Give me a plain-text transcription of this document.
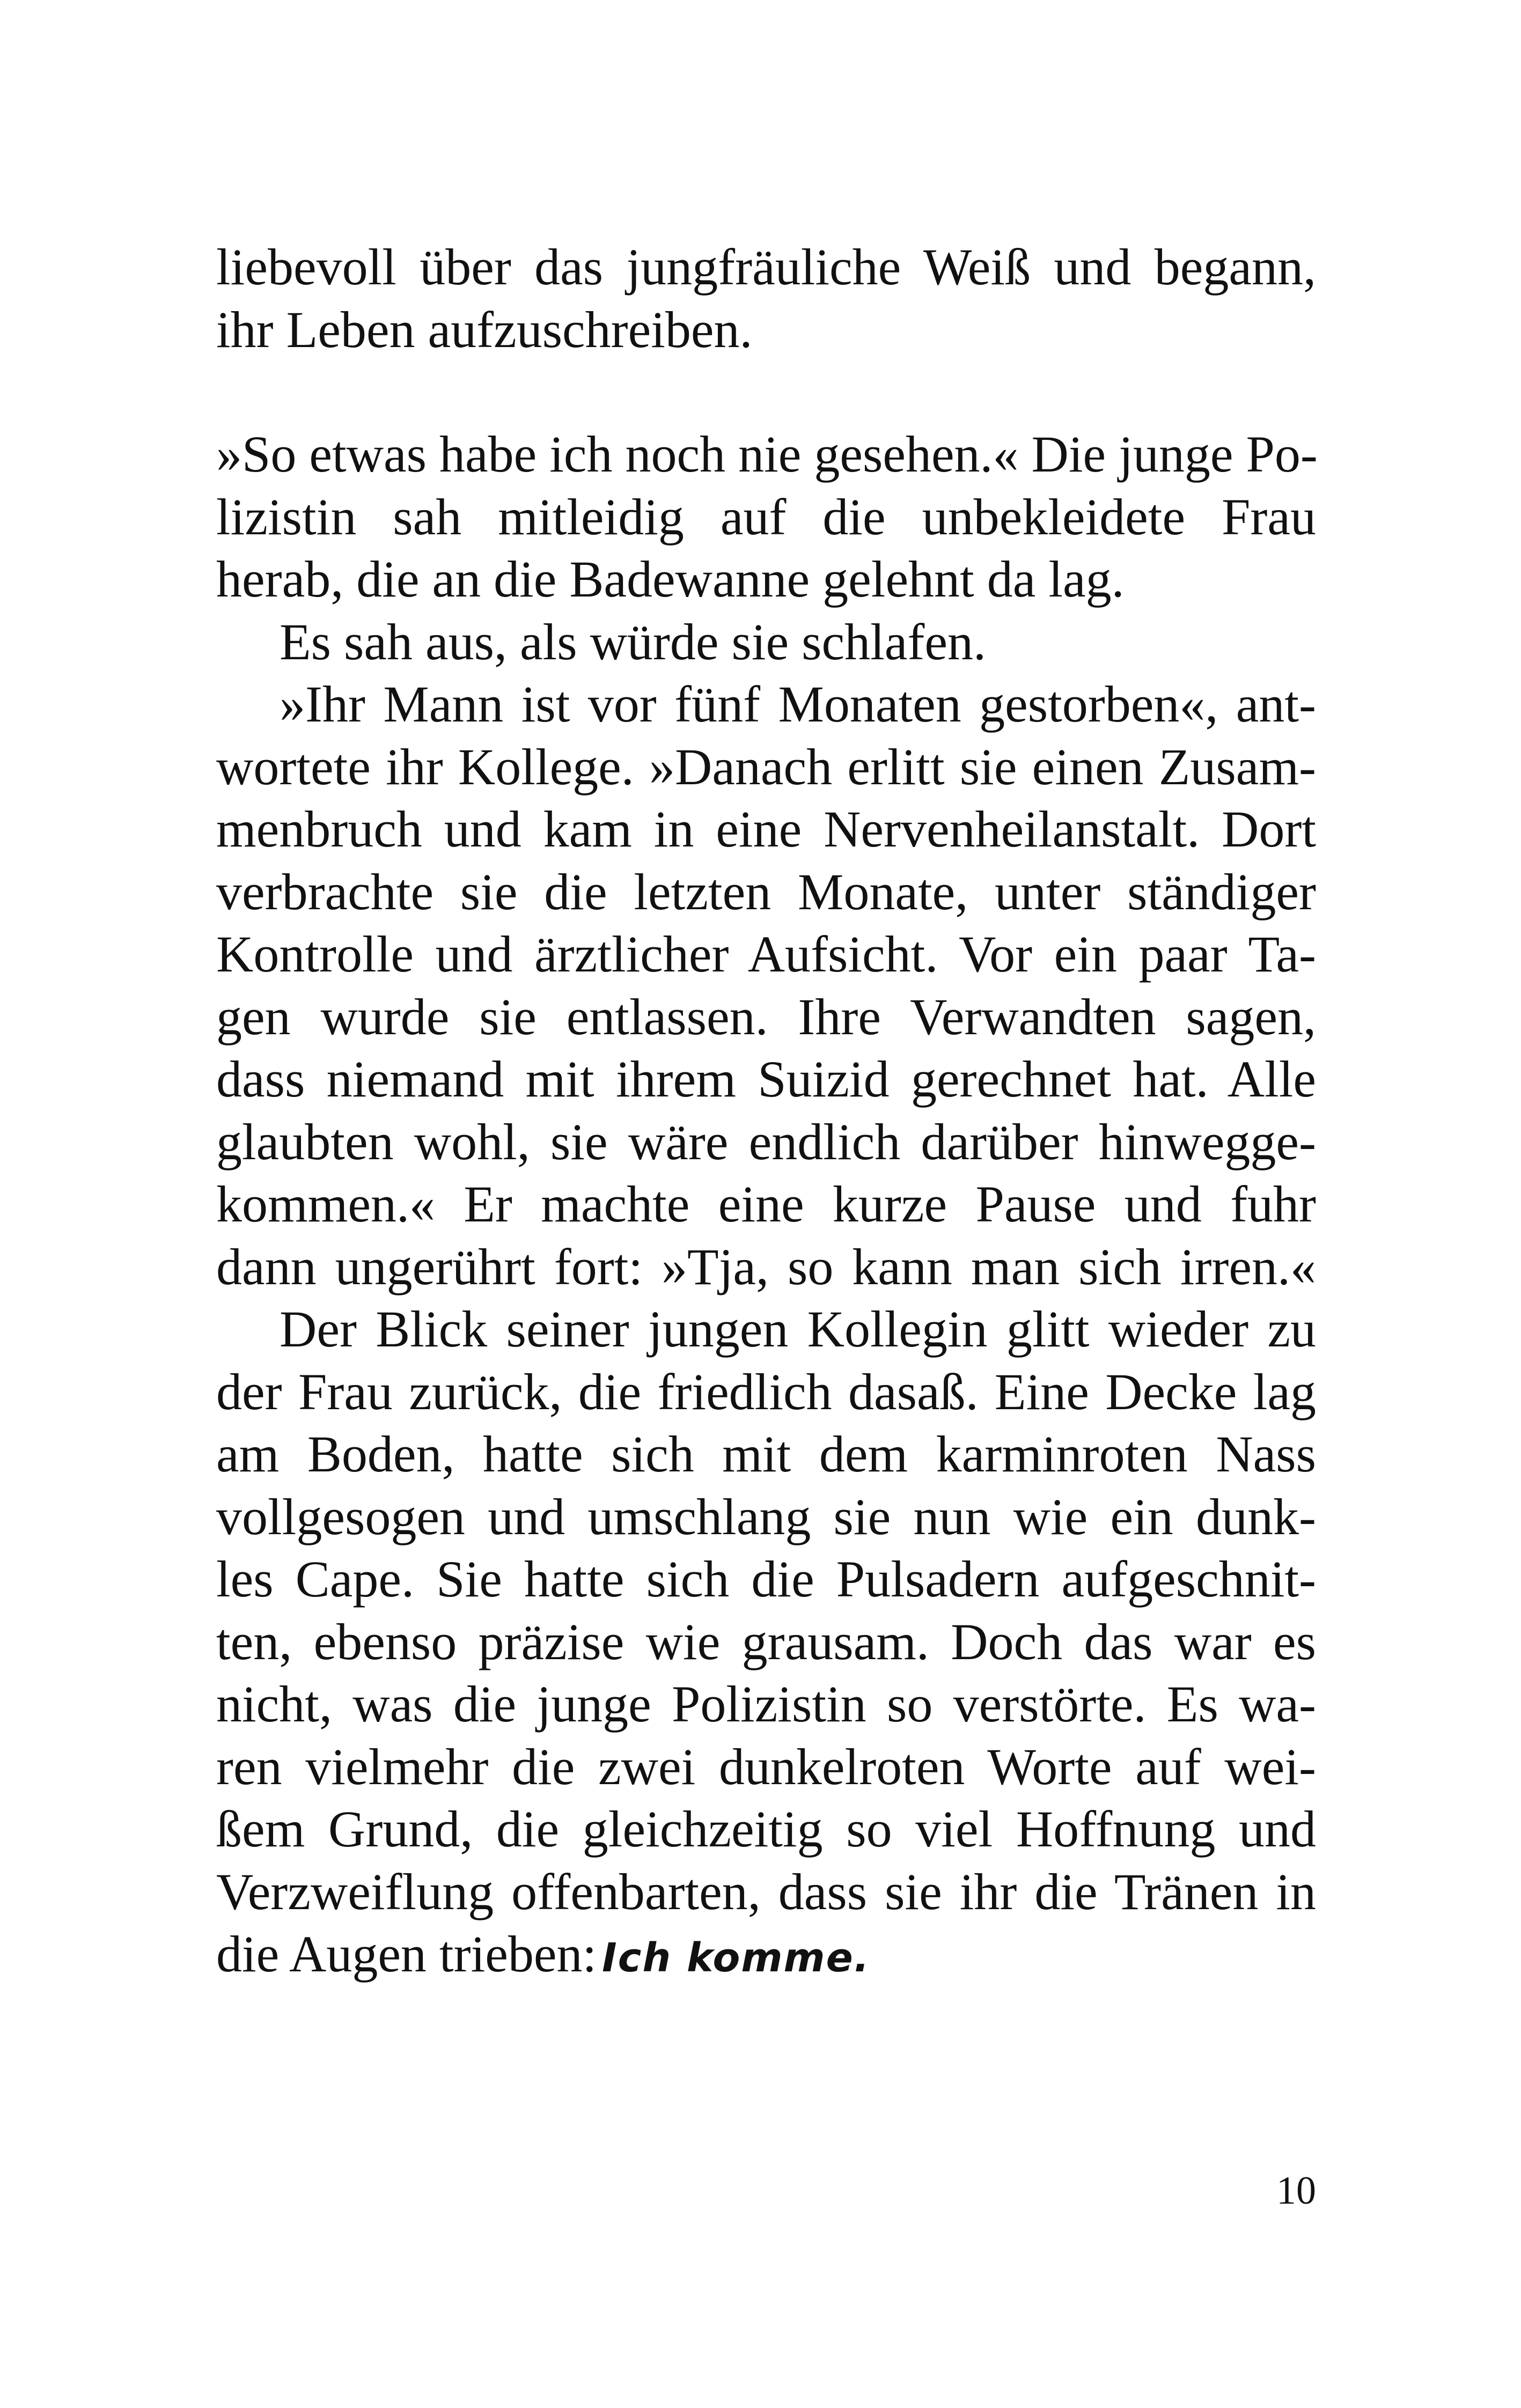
liebevoll über das jungfräuliche Weiß und begann,
ihr Leben aufzuschreiben.
»So etwas habe ich noch nie gesehen.« Die junge Po-
lizistin sah mitleidig auf die unbekleidete Frau
herab, die an die Badewanne gelehnt da lag.
Es sah aus, als würde sie schlafen.
»Ihr Mann ist vor fünf Monaten gestorben«, ant-
wortete ihr Kollege. »Danach erlitt sie einen Zusam-
menbruch und kam in eine Nervenheilanstalt. Dort
verbrachte sie die letzten Monate, unter ständiger
Kontrolle und ärztlicher Aufsicht. Vor ein paar Ta-
gen wurde sie entlassen. Ihre Verwandten sagen,
dass niemand mit ihrem Suizid gerechnet hat. Alle
glaubten wohl, sie wäre endlich darüber hinwegge-
kommen.« Er machte eine kurze Pause und fuhr
dann ungerührt fort: »Tja, so kann man sich irren.«
Der Blick seiner jungen Kollegin glitt wieder zu
der Frau zurück, die friedlich dasaß. Eine Decke lag
am Boden, hatte sich mit dem karminroten Nass
vollgesogen und umschlang sie nun wie ein dunk-
les Cape. Sie hatte sich die Pulsadern aufgeschnit-
ten, ebenso präzise wie grausam. Doch das war es
nicht, was die junge Polizistin so verstörte. Es wa-
ren vielmehr die zwei dunkelroten Worte auf wei-
ßem Grund, die gleichzeitig so viel Hoffnung und
Verzweiflung offenbarten, dass sie ihr die Tränen in
die Augen trieben: Ich komme.
10
